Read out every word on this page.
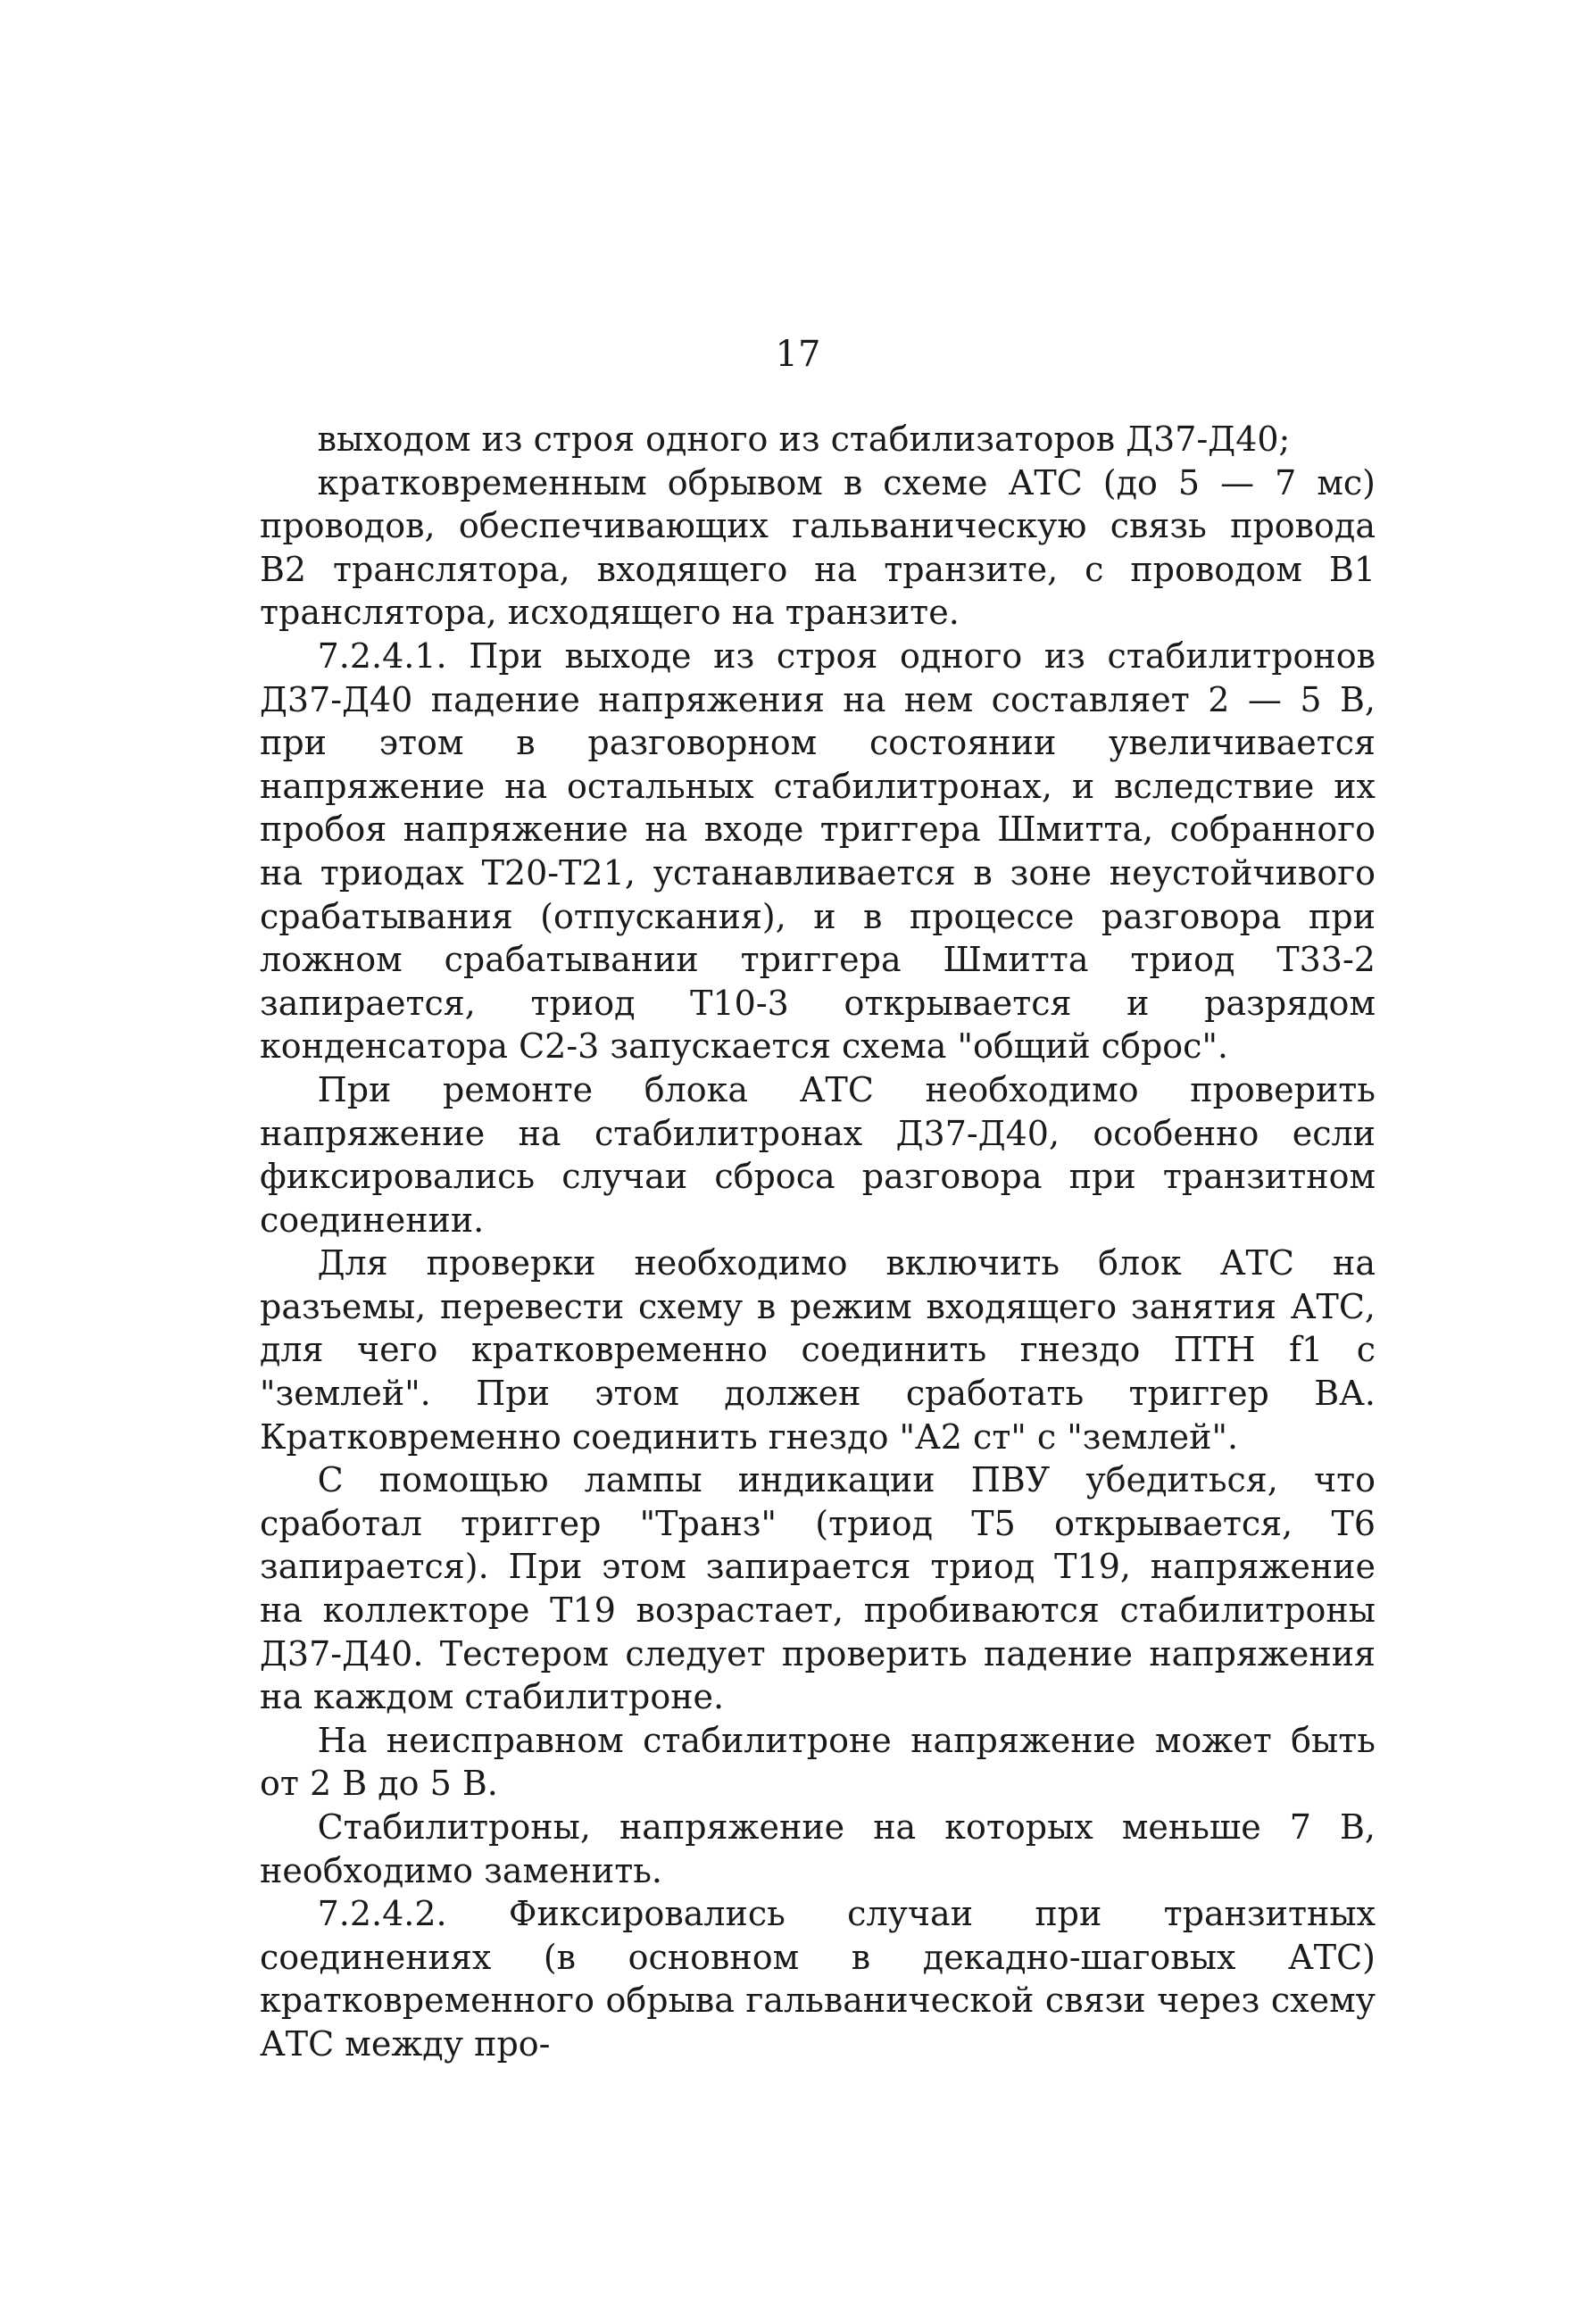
17

выходом из строя одного из стабилизаторов Д37-Д40;

кратковременным обрывом в схеме АТС (до 5 — 7 мс) проводов, обеспечивающих гальваническую связь провода В2 транслятора, входящего на транзите, с проводом В1 транслятора, исходящего на транзите.

7.2.4.1. При выходе из строя одного из стабилитронов Д37-Д40 падение напряжения на нем составляет 2 — 5 В, при этом в разговорном состоянии увеличивается напряжение на остальных стабилитронах, и вследствие их пробоя напряжение на входе триггера Шмитта, собранного на триодах Т20-Т21, устанавливается в зоне неустойчивого срабатывания (отпускания), и в процессе разговора при ложном срабатывании триггера Шмитта триод Т33-2 запирается, триод Т10-3 открывается и разрядом конденсатора С2-3 запускается схема "общий сброс".

При ремонте блока АТС необходимо проверить напряжение на стабилитронах Д37-Д40, особенно если фиксировались случаи сброса разговора при транзитном соединении.

Для проверки необходимо включить блок АТС на разъемы, перевести схему в режим входящего занятия АТС, для чего кратковременно соединить гнездо ПТН f1 с "землей". При этом должен сработать триггер ВА. Кратковременно соединить гнездо "А2 ст" с "землей".

С помощью лампы индикации ПВУ убедиться, что сработал триггер "Транз" (триод Т5 открывается, Т6 запирается). При этом запирается триод Т19, напряжение на коллекторе Т19 возрастает, пробиваются стабилитроны Д37-Д40. Тестером следует проверить падение напряжения на каждом стабилитроне.

На неисправном стабилитроне напряжение может быть от 2 В до 5 В.

Стабилитроны, напряжение на которых меньше 7 В, необходимо заменить.

7.2.4.2. Фиксировались случаи при транзитных соединениях (в основном в декадно-шаговых АТС) кратковременного обрыва гальванической связи через схему АТС между про-
